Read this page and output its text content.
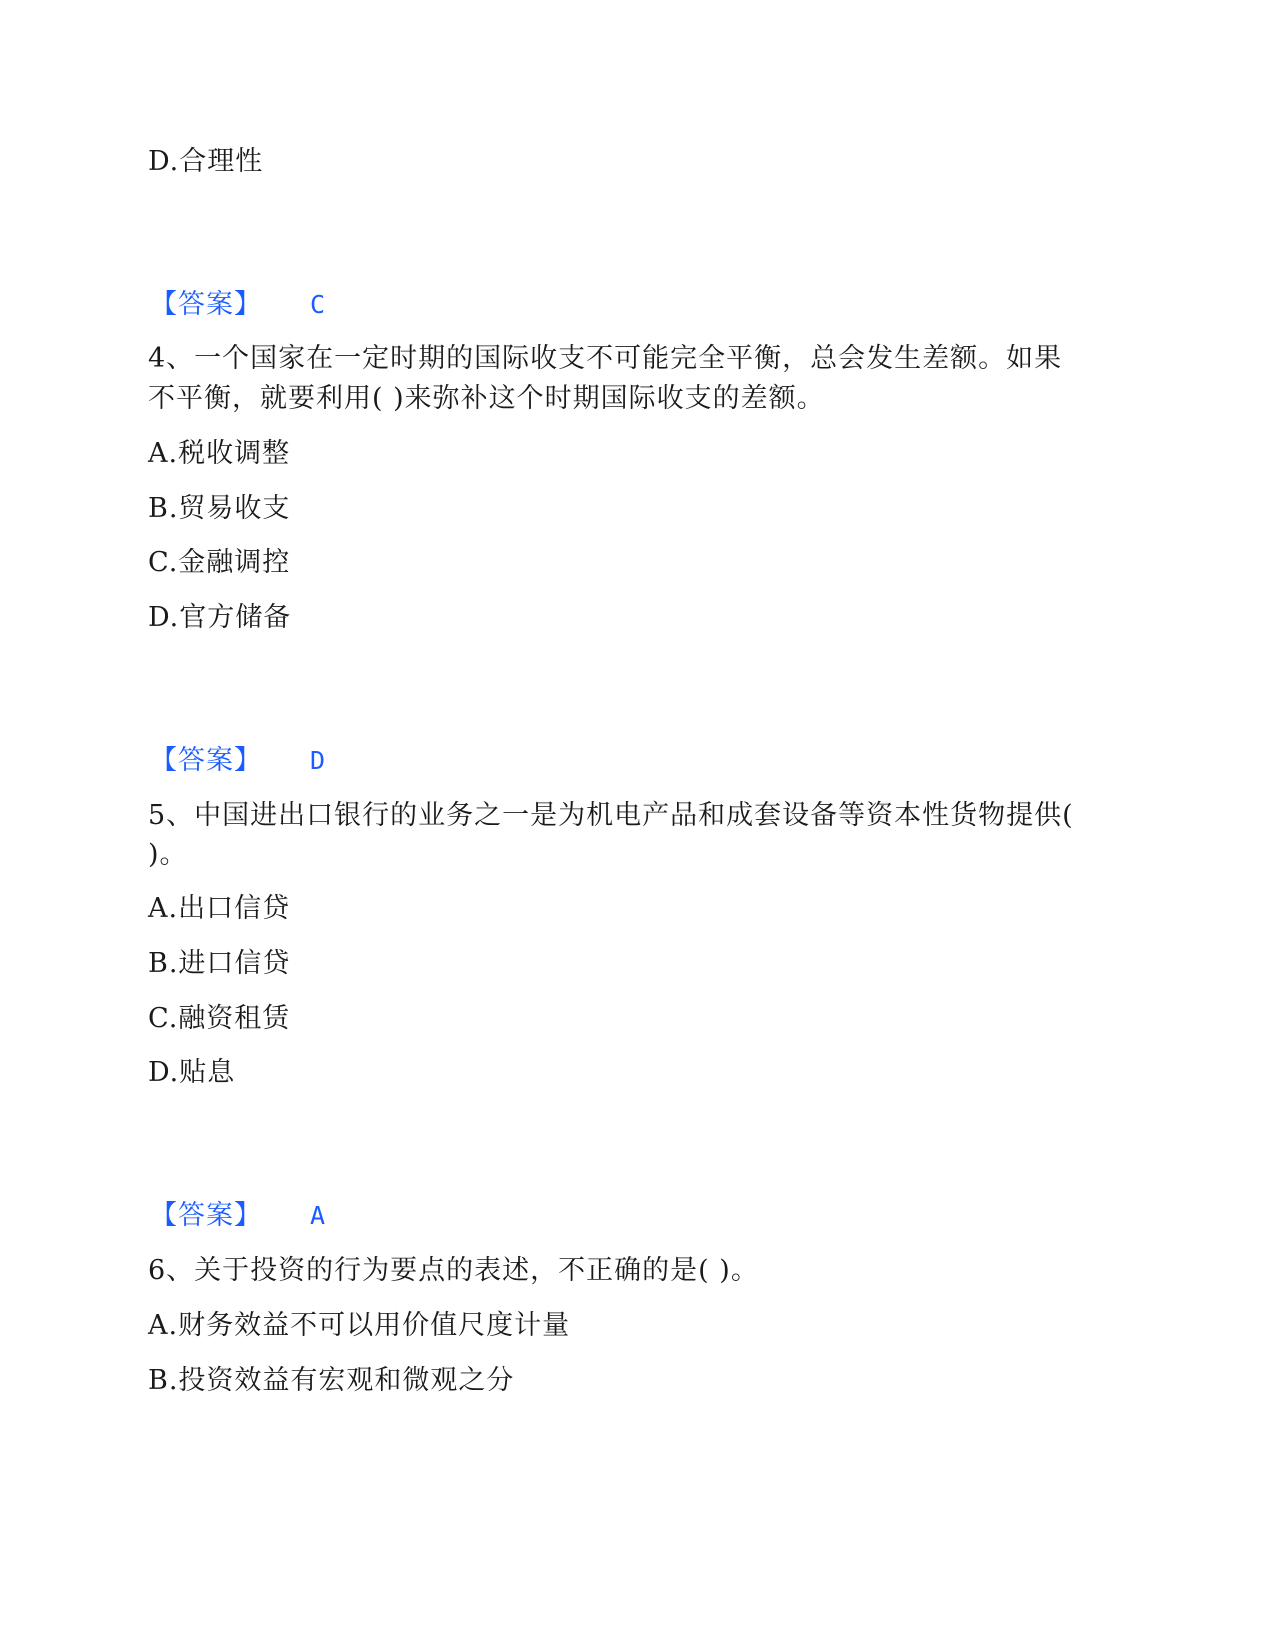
D.合理性
【答案】 C
4、一个国家在一定时期的国际收支不可能完全平衡，总会发生差额。如果
不平衡，就要利用( )来弥补这个时期国际收支的差额。
A.税收调整
B.贸易收支
C.金融调控
D.官方储备
【答案】 D
5、中国进出口银行的业务之一是为机电产品和成套设备等资本性货物提供(
)。
A.出口信贷
B.进口信贷
C.融资租赁
D.贴息
【答案】 A
6、关于投资的行为要点的表述，不正确的是( )。
A.财务效益不可以用价值尺度计量
B.投资效益有宏观和微观之分
